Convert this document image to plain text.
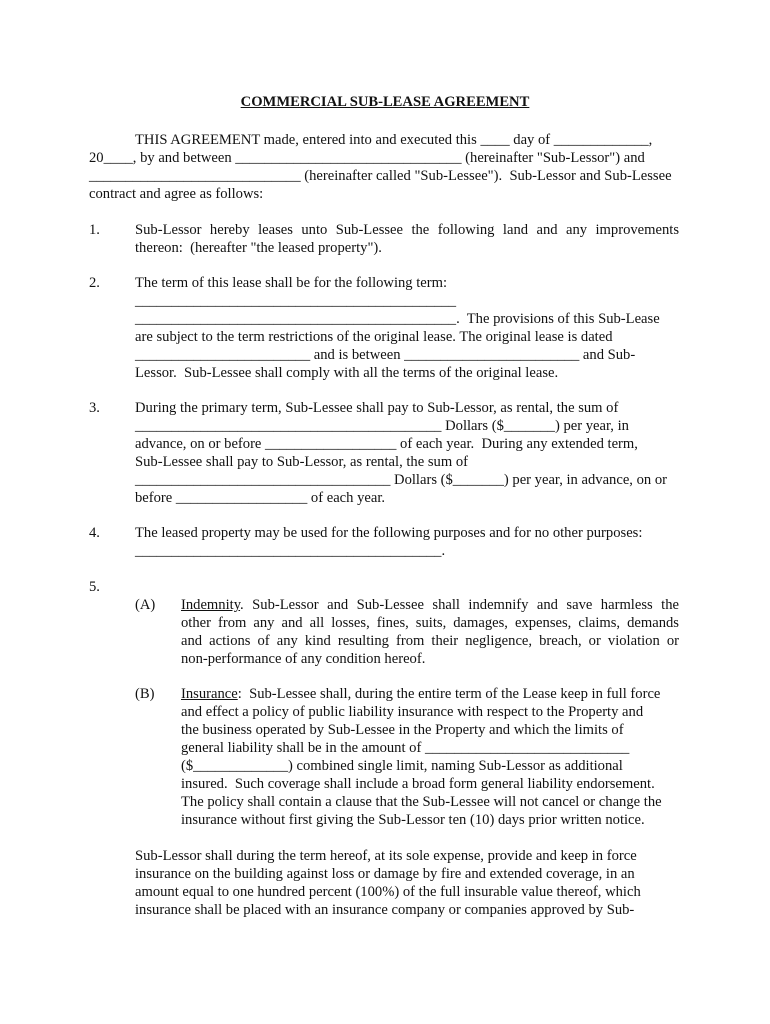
COMMERCIAL SUB-LEASE AGREEMENT
THIS AGREEMENT made, entered into and executed this ____ day of _____________,
20____, by and between _______________________________ (hereinafter "Sub-Lessor") and
_____________________________ (hereinafter called "Sub-Lessee").  Sub-Lessor and Sub-Lessee
contract and agree as follows:
1. Sub-Lessor hereby leases unto Sub-Lessee the following land and any improvements
thereon:  (hereafter "the leased property").
2. The term of this lease shall be for the following term:
____________________________________________
____________________________________________.  The provisions of this Sub-Lease
are subject to the term restrictions of the original lease. The original lease is dated
________________________ and is between ________________________ and Sub-
Lessor.  Sub-Lessee shall comply with all the terms of the original lease.
3. During the primary term, Sub-Lessee shall pay to Sub-Lessor, as rental, the sum of
__________________________________________ Dollars ($_______) per year, in
advance, on or before __________________ of each year.  During any extended term,
Sub-Lessee shall pay to Sub-Lessor, as rental, the sum of
___________________________________ Dollars ($_______) per year, in advance, on or
before __________________ of each year.
4. The leased property may be used for the following purposes and for no other purposes:
__________________________________________.
5.
(A) Indemnity. Sub-Lessor and Sub-Lessee shall indemnify and save harmless the
other from any and all losses, fines, suits, damages, expenses, claims, demands
and actions of any kind resulting from their negligence, breach, or violation or
non-performance of any condition hereof.
(B) Insurance:  Sub-Lessee shall, during the entire term of the Lease keep in full force
and effect a policy of public liability insurance with respect to the Property and
the business operated by Sub-Lessee in the Property and which the limits of
general liability shall be in the amount of ____________________________
($_____________) combined single limit, naming Sub-Lessor as additional
insured.  Such coverage shall include a broad form general liability endorsement.
The policy shall contain a clause that the Sub-Lessee will not cancel or change the
insurance without first giving the Sub-Lessor ten (10) days prior written notice.
Sub-Lessor shall during the term hereof, at its sole expense, provide and keep in force
insurance on the building against loss or damage by fire and extended coverage, in an
amount equal to one hundred percent (100%) of the full insurable value thereof, which
insurance shall be placed with an insurance company or companies approved by Sub-
